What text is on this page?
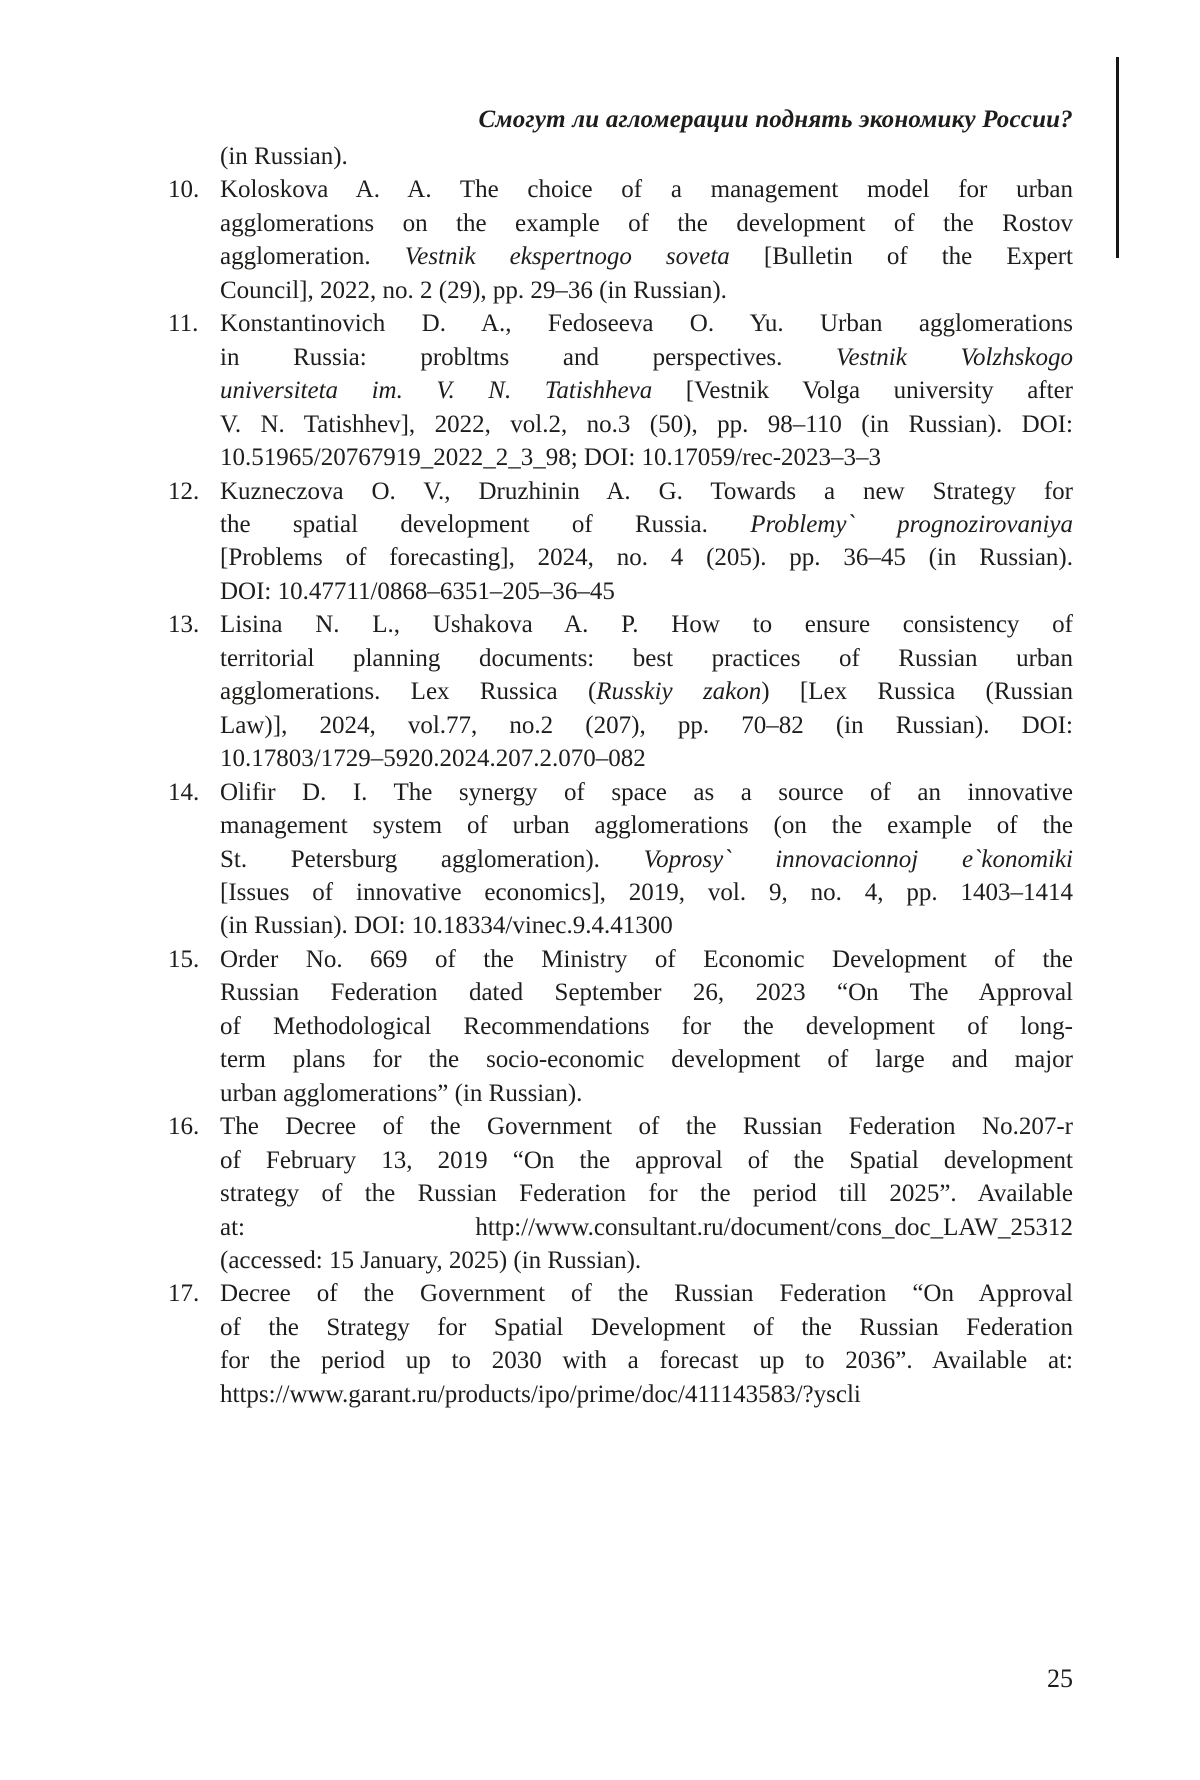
Смогут ли агломерации поднять экономику России?
(in Russian).
10. Koloskova A. A. The choice of a management model for urban
agglomerations on the example of the development of the Rostov
agglomeration. Vestnik ekspertnogo soveta [Bulletin of the Expert
Council], 2022, no. 2 (29), pp. 29–36 (in Russian).
11. Konstantinovich D. A., Fedoseeva O. Yu. Urban agglomerations
in Russia: probltms and perspectives. Vestnik Volzhskogo
universiteta im. V. N. Tatishheva [Vestnik Volga university after
V. N. Tatishhev], 2022, vol.2, no.3 (50), pp. 98–110 (in Russian). DOI:
10.51965/20767919_2022_2_3_98; DOI: 10.17059/rec-2023–3–3
12. Kuzneczova O. V., Druzhinin A. G. Towards a new Strategy for
the spatial development of Russia. Problemy` prognozirovaniya
[Problems of forecasting], 2024, no. 4 (205). pp. 36–45 (in Russian).
DOI: 10.47711/0868–6351–205–36–45
13. Lisina N. L., Ushakova A. P. How to ensure consistency of
territorial planning documents: best practices of Russian urban
agglomerations. Lex Russica (Russkiy zakon) [Lex Russica (Russian
Law)], 2024, vol.77, no.2 (207), pp. 70–82 (in Russian). DOI:
10.17803/1729–5920.2024.207.2.070–082
14. Olifir D. I. The synergy of space as a source of an innovative
management system of urban agglomerations (on the example of the
St. Petersburg agglomeration). Voprosy` innovacionnoj e`konomiki
[Issues of innovative economics], 2019, vol. 9, no. 4, pp. 1403–1414
(in Russian). DOI: 10.18334/vinec.9.4.41300
15. Order No. 669 of the Ministry of Economic Development of the
Russian Federation dated September 26, 2023 “On The Approval
of Methodological Recommendations for the development of long-
term plans for the socio-economic development of large and major
urban agglomerations” (in Russian).
16. The Decree of the Government of the Russian Federation No.207-r
of February 13, 2019 “On the approval of the Spatial development
strategy of the Russian Federation for the period till 2025”. Available
at: http://www.consultant.ru/document/cons_doc_LAW_25312
(accessed: 15 January, 2025) (in Russian).
17. Decree of the Government of the Russian Federation “On Approval
of the Strategy for Spatial Development of the Russian Federation
for the period up to 2030 with a forecast up to 2036”. Available at:
https://www.garant.ru/products/ipo/prime/doc/411143583/?yscli
25
